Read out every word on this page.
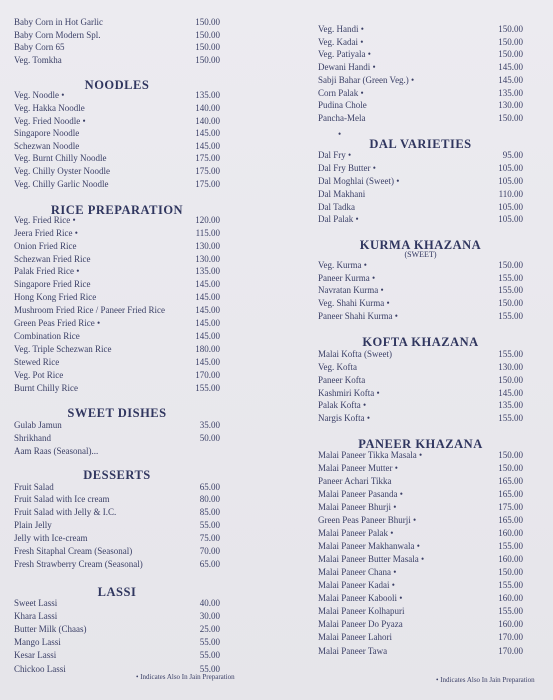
Baby Corn in Hot Garlic	150.00
Baby Corn Modern Spl.	150.00
Baby Corn 65	150.00
Veg. Tomkha	150.00
NOODLES
Veg. Noodle •	135.00
Veg. Hakka Noodle	140.00
Veg. Fried Noodle •	140.00
Singapore Noodle	145.00
Schezwan Noodle	145.00
Veg. Burnt Chilly Noodle	175.00
Veg. Chilly Oyster Noodle	175.00
Veg. Chilly Garlic Noodle	175.00
RICE PREPARATION
Veg. Fried Rice •	120.00
Jeera Fried Rice •	115.00
Onion Fried Rice	130.00
Schezwan Fried Rice	130.00
Palak Fried Rice •	135.00
Singapore Fried Rice	145.00
Hong Kong Fried Rice	145.00
Mushroom Fried Rice / Paneer Fried Rice	145.00
Green Peas Fried Rice •	145.00
Combination Rice	145.00
Veg. Triple Schezwan Rice	180.00
Stewed Rice	145.00
Veg. Pot Rice	170.00
Burnt Chilly Rice	155.00
SWEET DISHES
Gulab Jamun	35.00
Shrikhand	50.00
Aam Raas (Seasonal)...
DESSERTS
Fruit Salad	65.00
Fruit Salad with Ice cream	80.00
Fruit Salad with Jelly & I.C.	85.00
Plain Jelly	55.00
Jelly with Ice-cream	75.00
Fresh Sitaphal Cream (Seasonal)	70.00
Fresh Strawberry Cream (Seasonal)	65.00
LASSI
Sweet Lassi	40.00
Khara Lassi	30.00
Butter Milk (Chaas)	25.00
Mango Lassi	55.00
Kesar Lassi	55.00
Chickoo Lassi	55.00
Veg. Handi •	150.00
Veg. Kadai •	150.00
Veg. Patiyala •	150.00
Dewani Handi •	145.00
Sabji Bahar (Green Veg.) •	145.00
Corn Palak •	135.00
Pudina Chole	130.00
Pancha-Mela	150.00
DAL VARIETIES
Dal Fry •	95.00
Dal Fry Butter •	105.00
Dal Moghlai (Sweet) •	105.00
Dal Makhani	110.00
Dal Tadka	105.00
Dal Palak •	105.00
KURMA KHAZANA
(SWEET)
Veg. Kurma •	150.00
Paneer Kurma •	155.00
Navratan Kurma •	155.00
Veg. Shahi Kurma •	150.00
Paneer Shahi Kurma •	155.00
KOFTA KHAZANA
Malai Kofta (Sweet)	155.00
Veg. Kofta	130.00
Paneer Kofta	150.00
Kashmiri Kofta •	145.00
Palak Kofta •	135.00
Nargis Kofta •	155.00
PANEER KHAZANA
Malai Paneer Tikka Masala •	150.00
Malai Paneer Mutter •	150.00
Paneer Achari Tikka	165.00
Malai Paneer Pasanda •	165.00
Malai Paneer Bhurji •	175.00
Green Peas Paneer Bhurji •	165.00
Malai Paneer Palak •	160.00
Malai Paneer Makhanwala •	155.00
Malai Paneer Butter Masala •	160.00
Malai Paneer Chana •	150.00
Malai Paneer Kadai •	155.00
Malai Paneer Kabooli •	160.00
Malai Paneer Kolhapuri	155.00
Malai Paneer Do Pyaza	160.00
Malai Paneer Lahori	170.00
Malai Paneer Tawa	170.00
•
• Indicates Also In Jain Preparation	• Indicates Also In Jain Preparation
